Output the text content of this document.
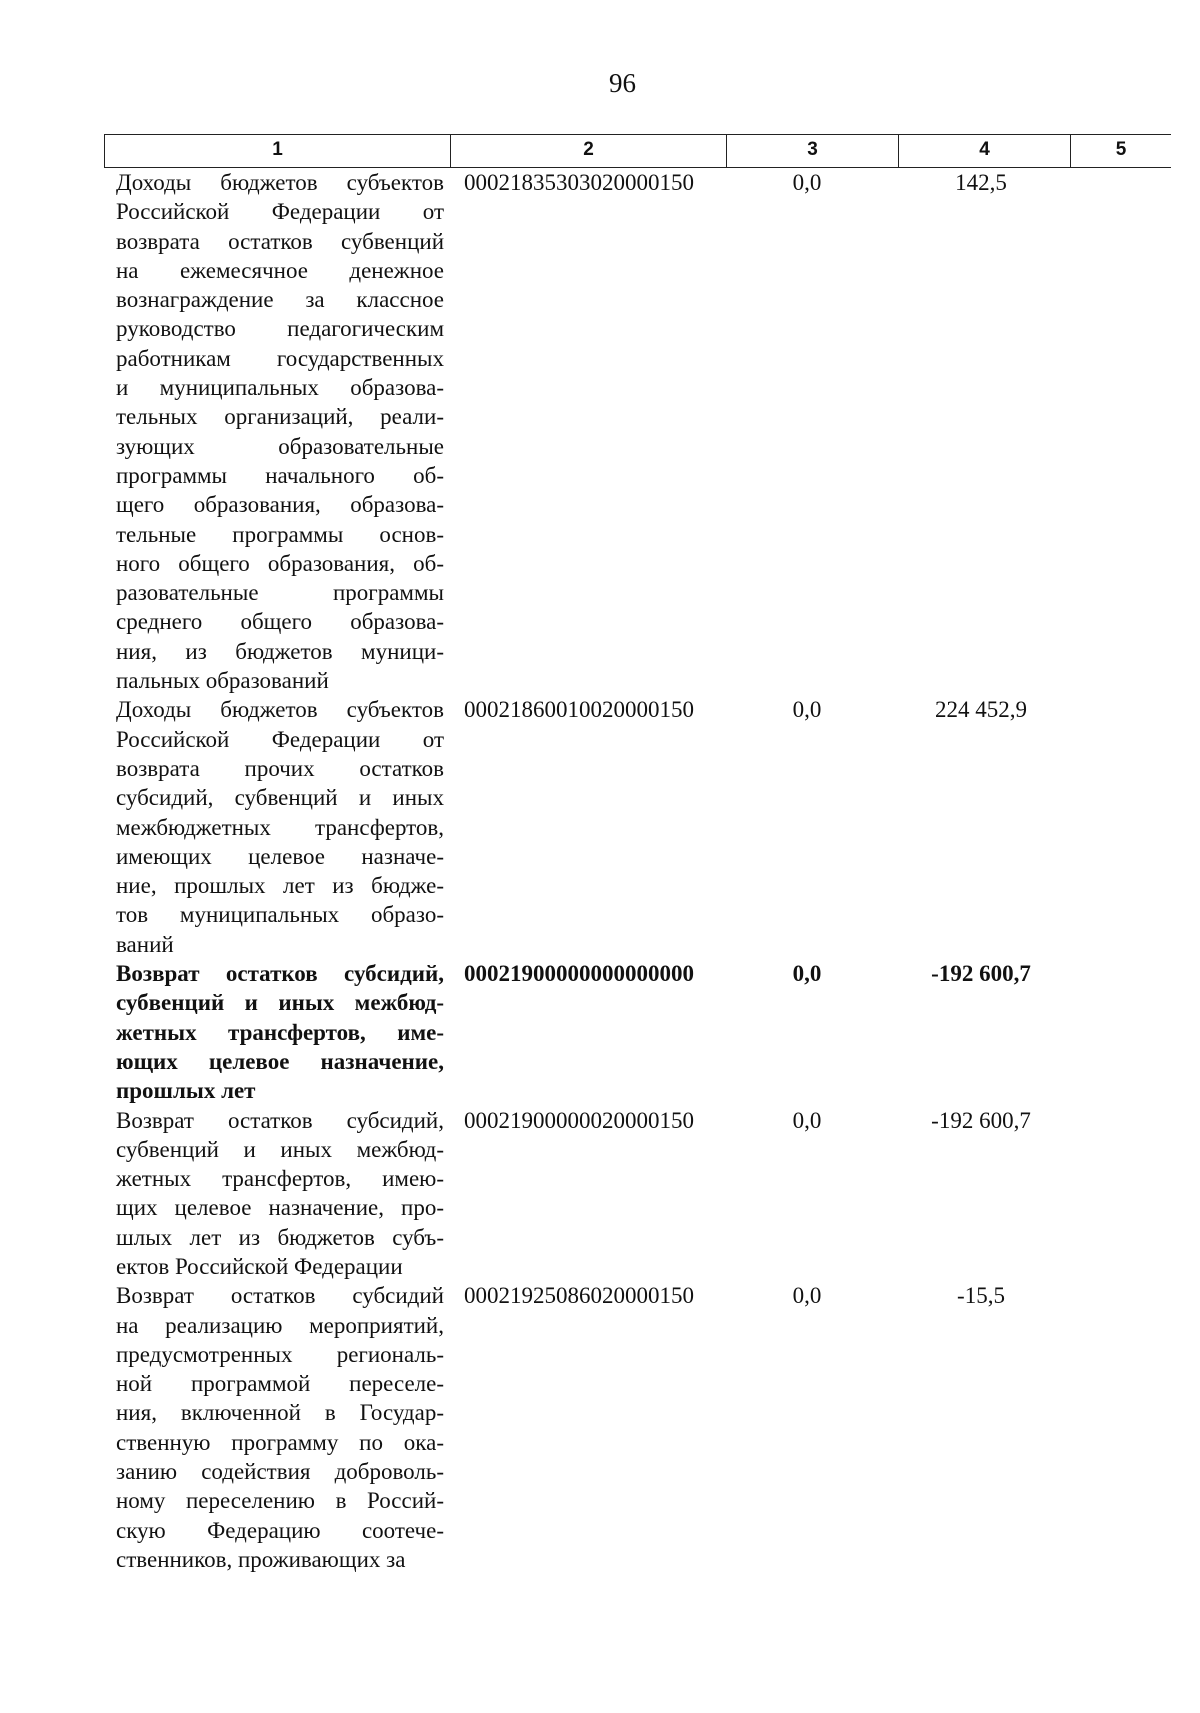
96
1	2	3	4	5
Доходы бюджетов субъектов
Российской Федерации от
возврата остатков субвенций
на ежемесячное денежное
вознаграждение за классное
руководство педагогическим
работникам государственных
и муниципальных образова-
тельных организаций, реали-
зующих образовательные
программы начального об-
щего образования, образова-
тельные программы основ-
ного общего образования, об-
разовательные программы
среднего общего образова-
ния, из бюджетов муници-
пальных образований
00021835303020000150	0,0	142,5
Доходы бюджетов субъектов
Российской Федерации от
возврата прочих остатков
субсидий, субвенций и иных
межбюджетных трансфертов,
имеющих целевое назначе-
ние, прошлых лет из бюдже-
тов муниципальных образо-
ваний
00021860010020000150	0,0	224 452,9
Возврат остатков субсидий,
субвенций и иных межбюд-
жетных трансфертов, име-
ющих целевое назначение,
прошлых лет
00021900000000000000	0,0	-192 600,7
Возврат остатков субсидий,
субвенций и иных межбюд-
жетных трансфертов, имею-
щих целевое назначение, про-
шлых лет из бюджетов субъ-
ектов Российской Федерации
00021900000020000150	0,0	-192 600,7
Возврат остатков субсидий
на реализацию мероприятий,
предусмотренных региональ-
ной программой переселе-
ния, включенной в Государ-
ственную программу по ока-
занию содействия доброволь-
ному переселению в Россий-
скую Федерацию соотече-
ственников, проживающих за
00021925086020000150	0,0	-15,5
